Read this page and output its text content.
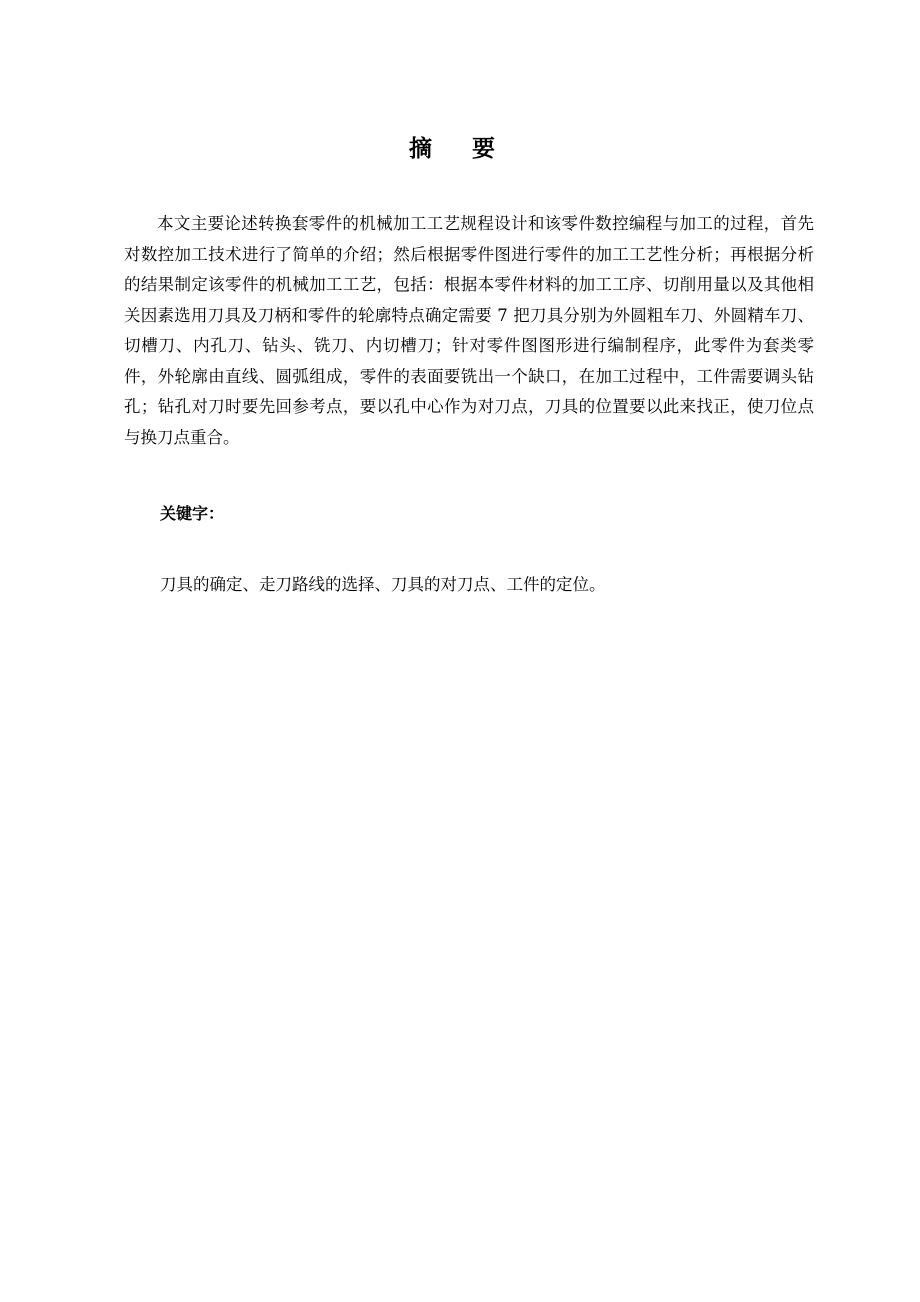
摘 要

本文主要论述转换套零件的机械加工工艺规程设计和该零件数控编程与加工的过程，首先对数控加工技术进行了简单的介绍；然后根据零件图进行零件的加工工艺性分析；再根据分析的结果制定该零件的机械加工工艺，包括：根据本零件材料的加工工序、切削用量以及其他相关因素选用刀具及刀柄和零件的轮廓特点确定需要 7 把刀具分别为外圆粗车刀、外圆精车刀、切槽刀、内孔刀、钻头、铣刀、内切槽刀；针对零件图图形进行编制程序，此零件为套类零件，外轮廓由直线、圆弧组成，零件的表面要铣出一个缺口，在加工过程中，工件需要调头钻孔；钻孔对刀时要先回参考点，要以孔中心作为对刀点，刀具的位置要以此来找正，使刀位点与换刀点重合。

关键字：
刀具的确定、走刀路线的选择、刀具的对刀点、工件的定位。
